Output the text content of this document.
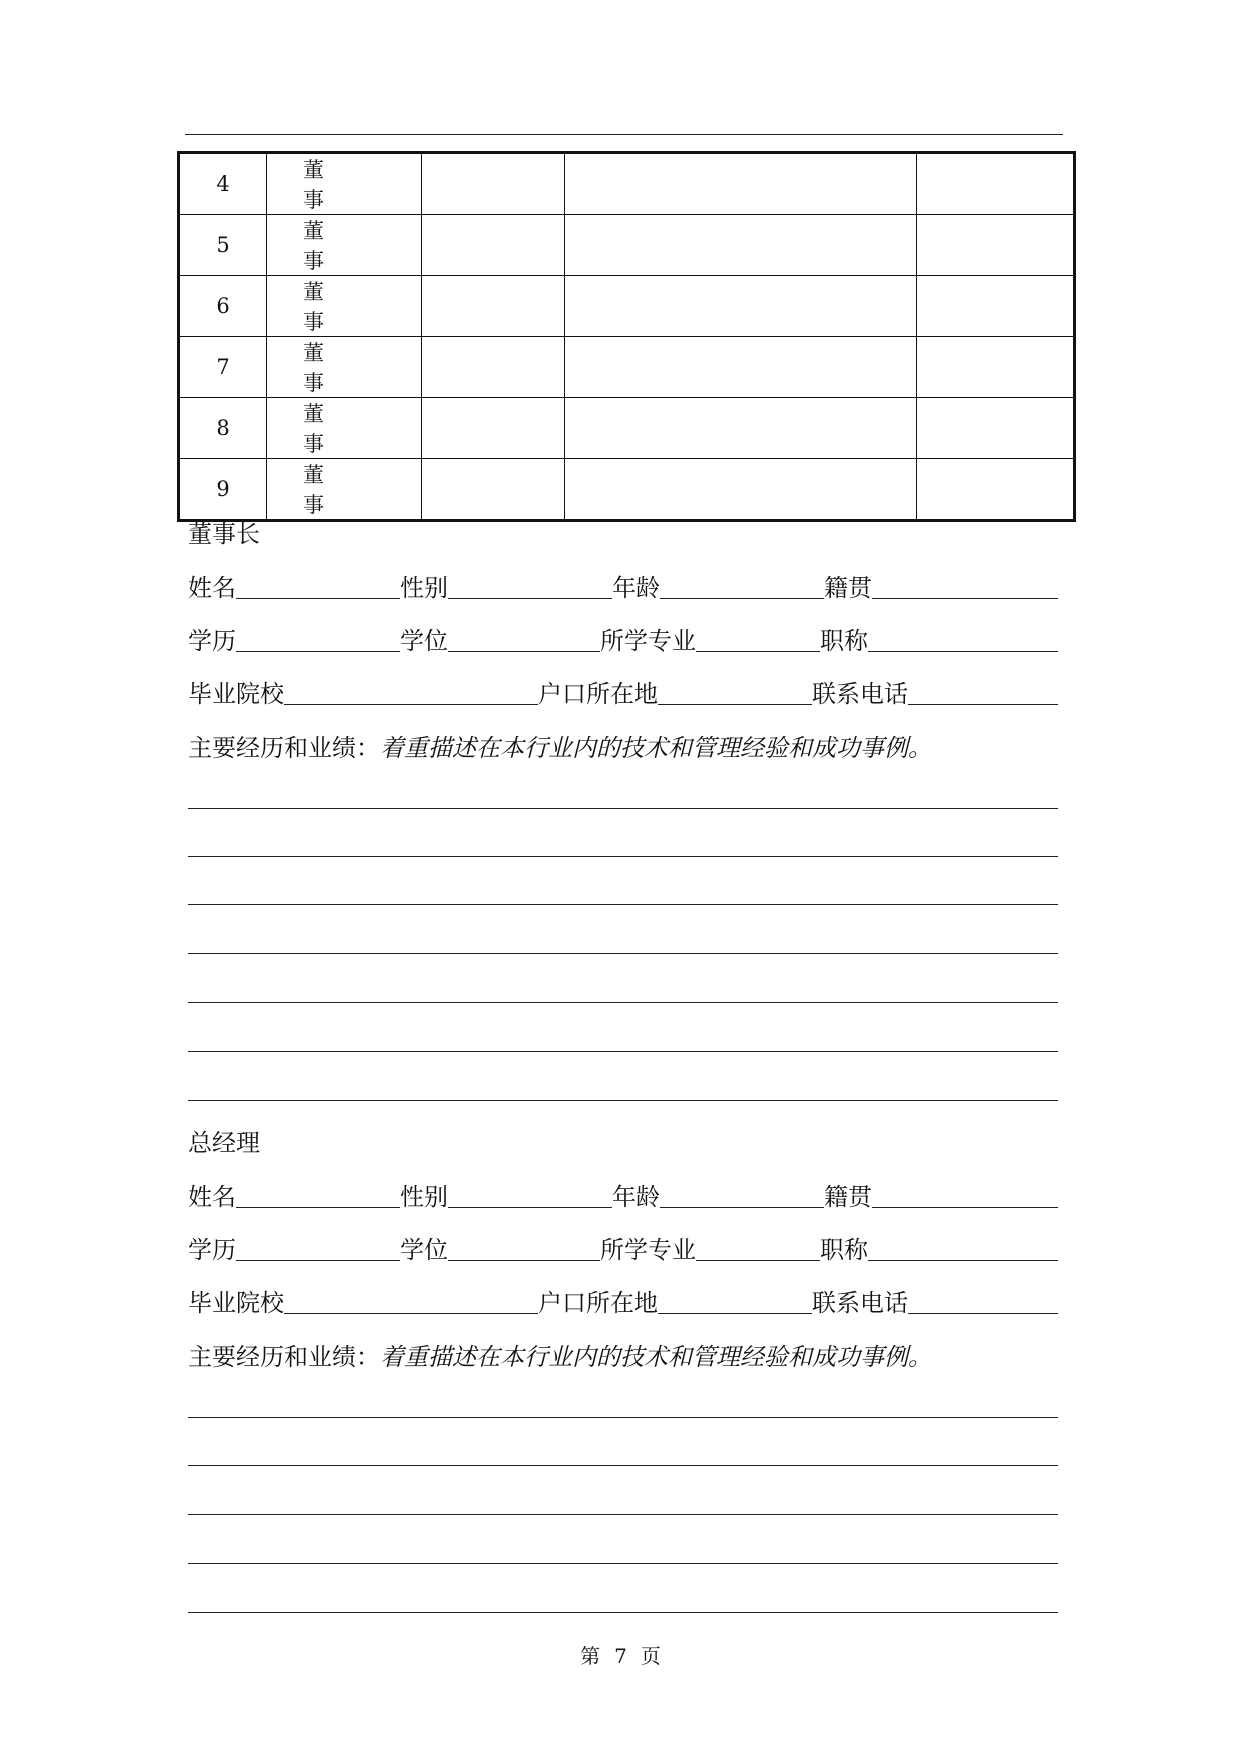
4	董事			
5	董事			
6	董事			
7	董事			
8	董事			
9	董事			
董事长
姓名	性别	年龄	籍贯
学历	学位	所学专业	职称
毕业院校	户口所在地	联系电话
主要经历和业绩：着重描述在本行业内的技术和管理经验和成功事例。
总经理
姓名	性别	年龄	籍贯
学历	学位	所学专业	职称
毕业院校	户口所在地	联系电话
主要经历和业绩：着重描述在本行业内的技术和管理经验和成功事例。
第 7 页
